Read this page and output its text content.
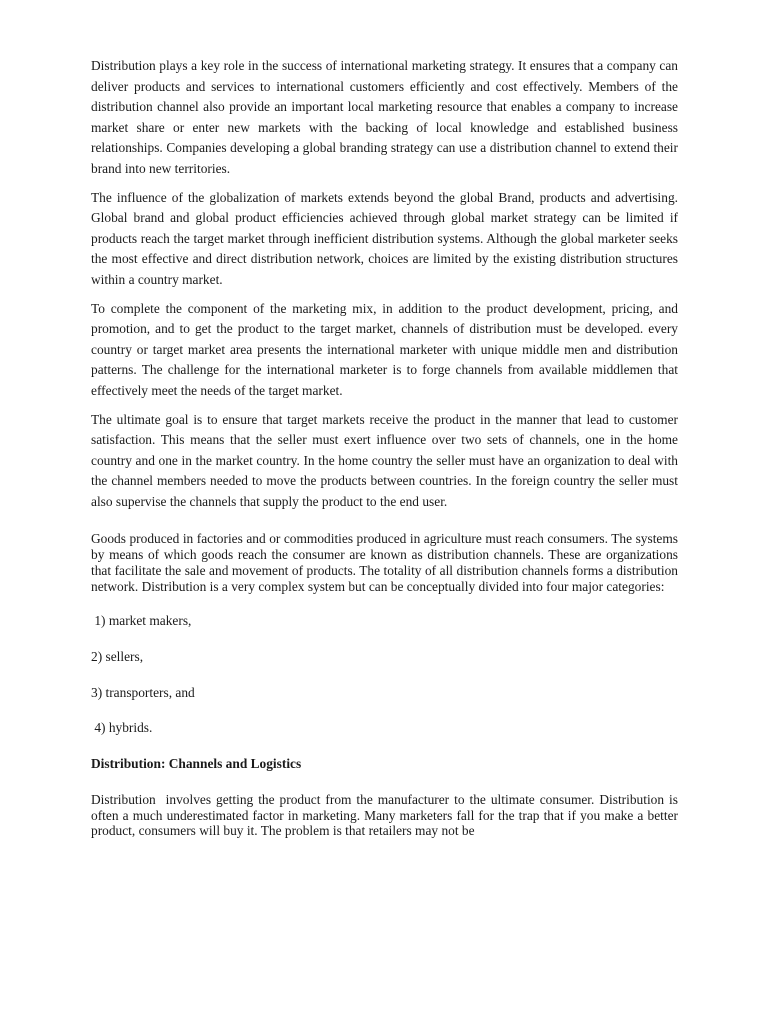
Distribution plays a key role in the success of international marketing strategy. It ensures that a company can deliver products and services to international customers efficiently and cost effectively. Members of the distribution channel also provide an important local marketing resource that enables a company to increase market share or enter new markets with the backing of local knowledge and established business relationships. Companies developing a global branding strategy can use a distribution channel to extend their brand into new territories.

The influence of the globalization of markets extends beyond the global Brand, products and advertising. Global brand and global product efficiencies achieved through global market strategy can be limited if products reach the target market through inefficient distribution systems. Although the global marketer seeks the most effective and direct distribution network, choices are limited by the existing distribution structures within a country market.

To complete the component of the marketing mix, in addition to the product development, pricing, and promotion, and to get the product to the target market, channels of distribution must be developed. every country or target market area presents the international marketer with unique middle men and distribution patterns. The challenge for the international marketer is to forge channels from available middlemen that effectively meet the needs of the target market.

The ultimate goal is to ensure that target markets receive the product in the manner that lead to customer satisfaction. This means that the seller must exert influence over two sets of channels, one in the home country and one in the market country. In the home country the seller must have an organization to deal with the channel members needed to move the products between countries. In the foreign country the seller must also supervise the channels that supply the product to the end user.

Goods produced in factories and or commodities produced in agriculture must reach consumers. The systems by means of which goods reach the consumer are known as distribution channels. These are organizations that facilitate the sale and movement of products. The totality of all distribution channels forms a distribution network. Distribution is a very complex system but can be conceptually divided into four major categories:

1) market makers,
2) sellers,
3) transporters, and
4) hybrids.
Distribution: Channels and Logistics

Distribution  involves getting the product from the manufacturer to the ultimate consumer. Distribution is often a much underestimated factor in marketing. Many marketers fall for the trap that if you make a better product, consumers will buy it. The problem is that retailers may not be
